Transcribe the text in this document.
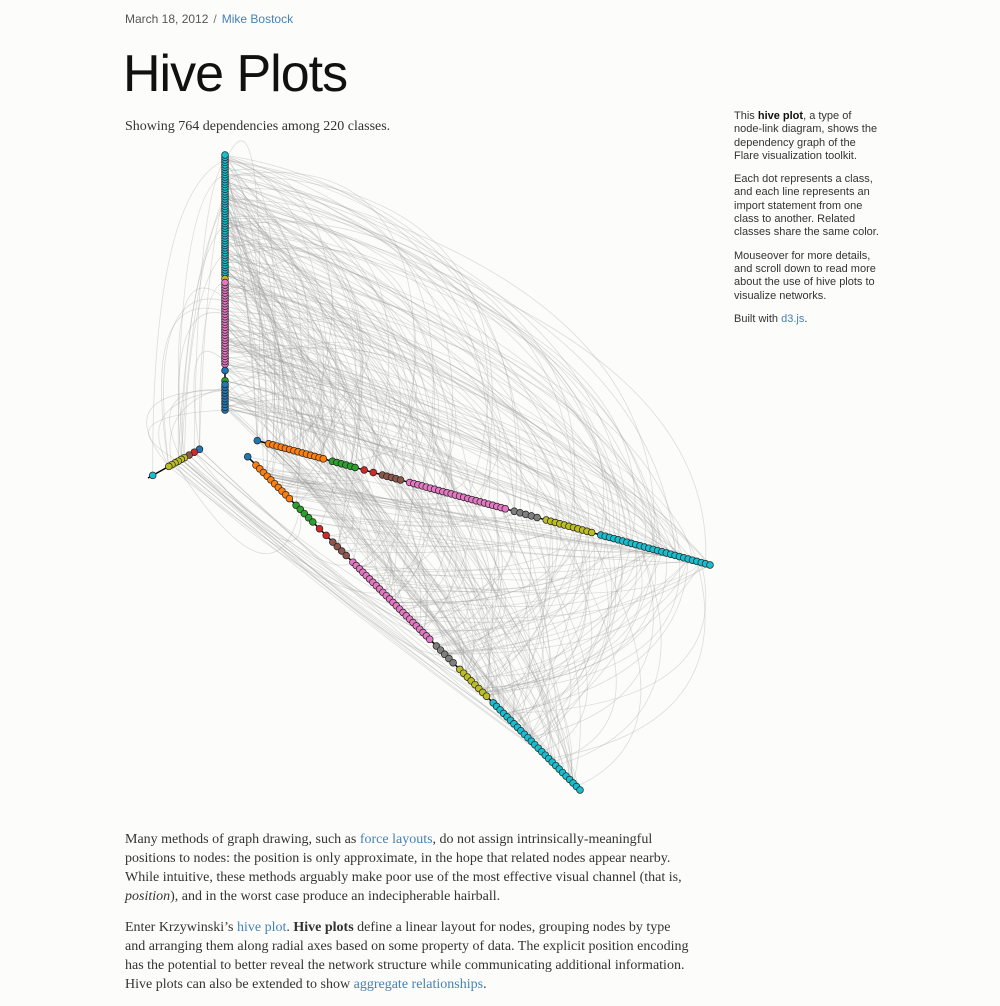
March 18, 2012 / Mike Bostock
Hive Plots

Showing 764 dependencies among 220 classes.

This hive plot, a type of node-link diagram, shows the dependency graph of the Flare visualization toolkit.

Each dot represents a class, and each line represents an import statement from one class to another. Related classes share the same color.

Mouseover for more details, and scroll down to read more about the use of hive plots to visualize networks.

Built with d3.js.

Many methods of graph drawing, such as force layouts, do not assign intrinsically-meaningful positions to nodes: the position is only approximate, in the hope that related nodes appear nearby. While intuitive, these methods arguably make poor use of the most effective visual channel (that is, position), and in the worst case produce an indecipherable hairball.

Enter Krzywinski’s hive plot. Hive plots define a linear layout for nodes, grouping nodes by type and arranging them along radial axes based on some property of data. The explicit position encoding has the potential to better reveal the network structure while communicating additional information. Hive plots can also be extended to show aggregate relationships.
